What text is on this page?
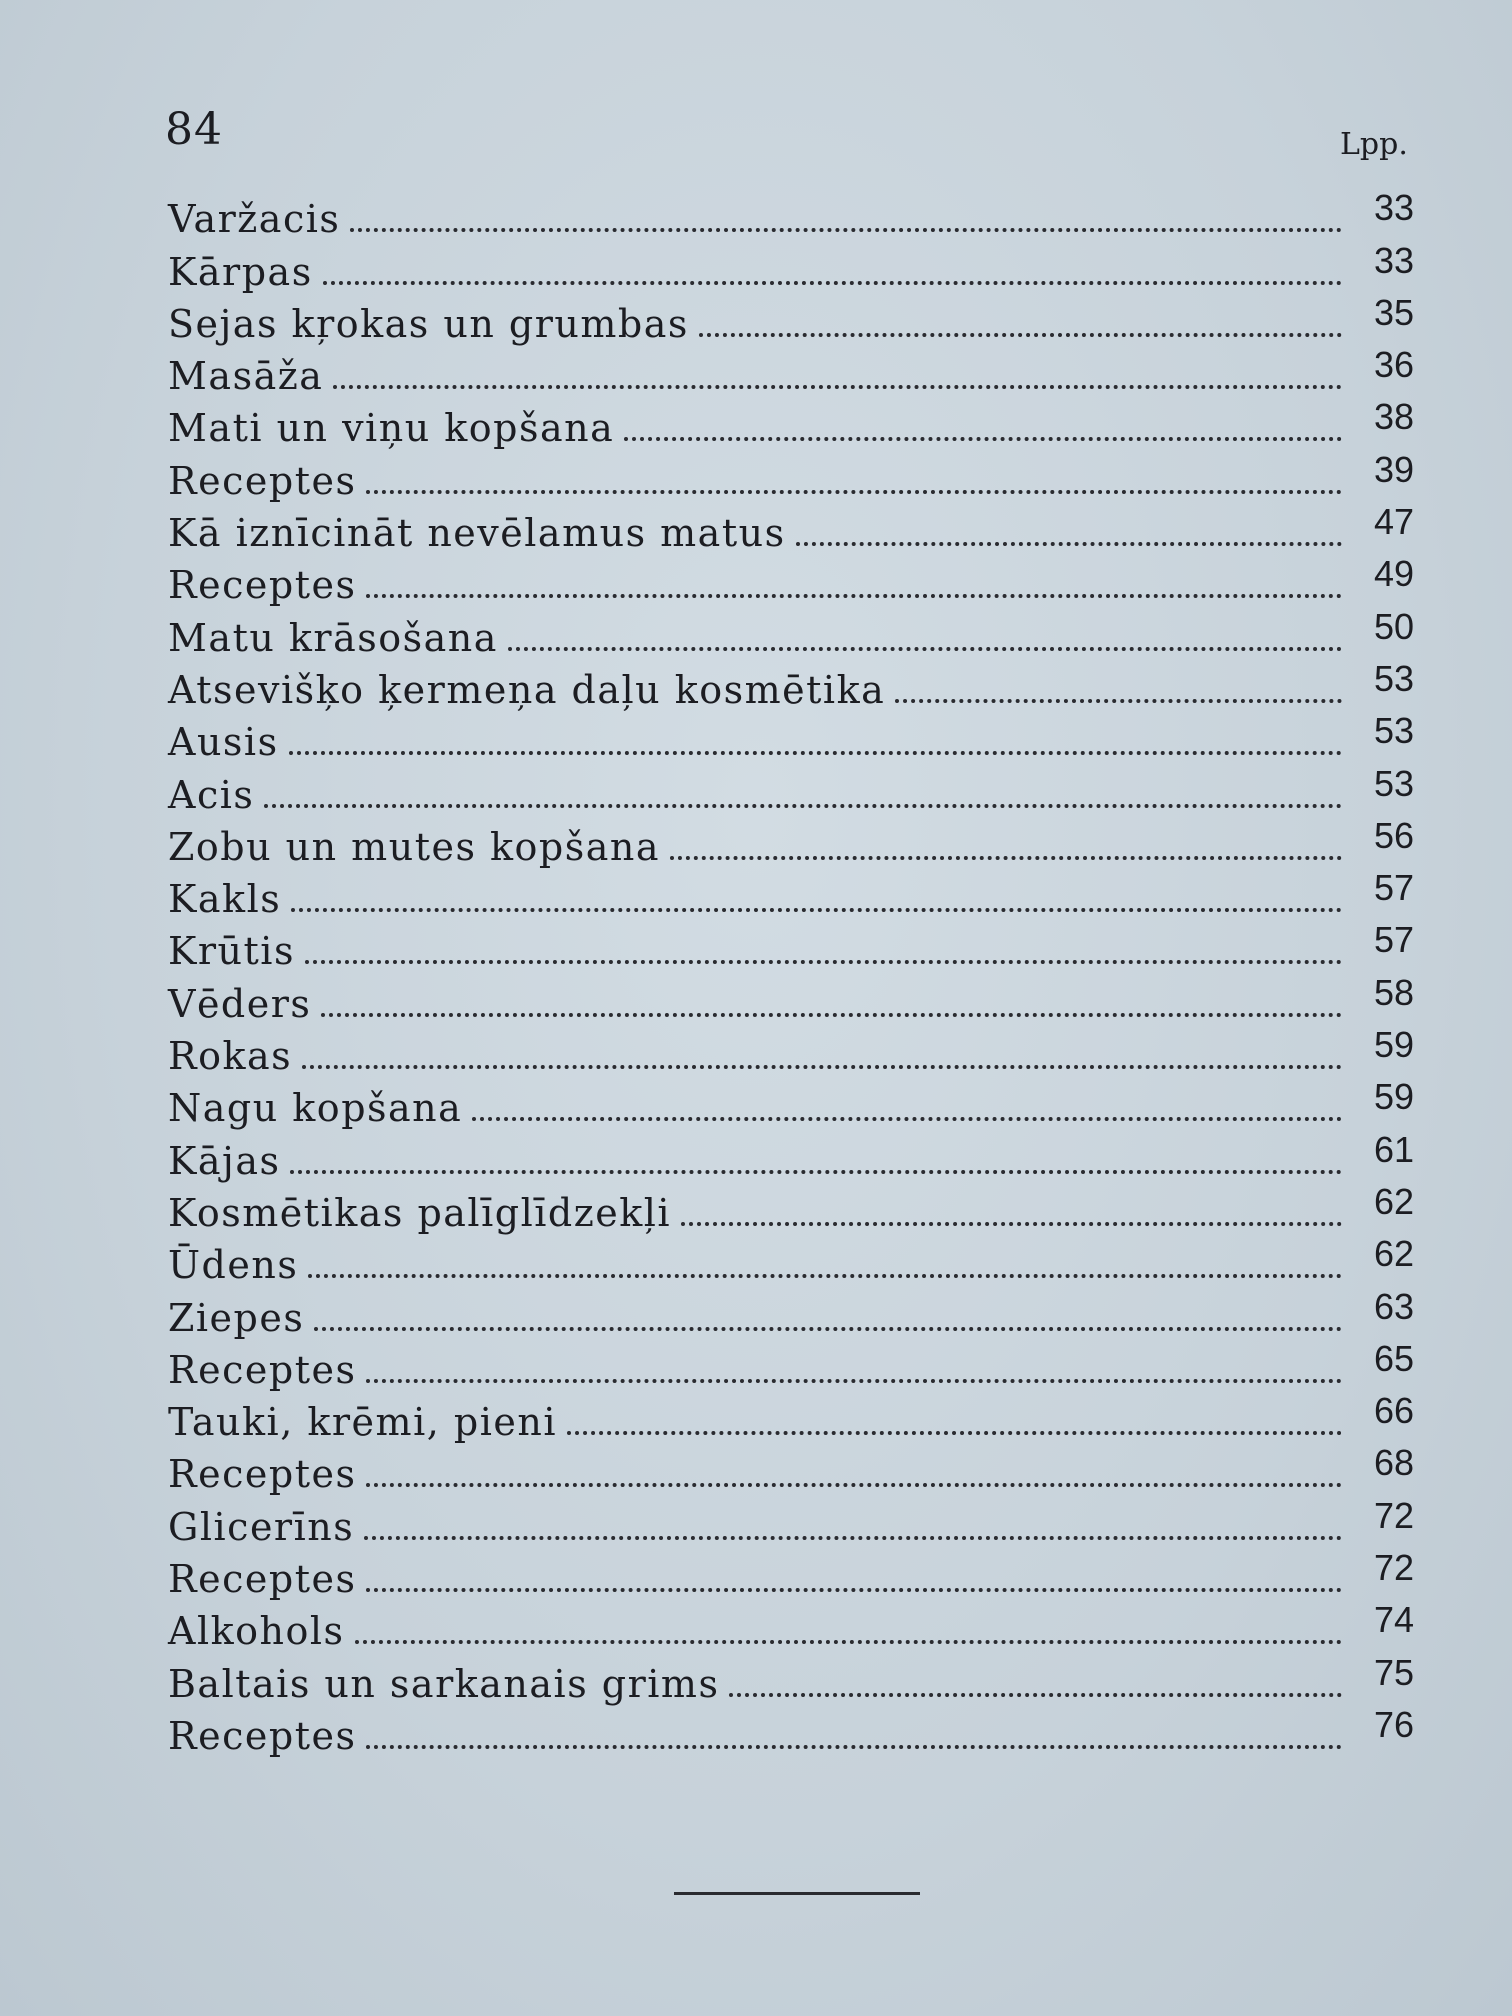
84	Lpp.
Varžacis	33
Kārpas	33
Sejas kŗokas un grumbas	35
Masāža	36
Mati un viņu kopšana	38
Receptes	39
Kā iznīcināt nevēlamus matus	47
Receptes	49
Matu krāsošana	50
Atsevišķo ķermeņa daļu kosmētika	53
Ausis	53
Acis	53
Zobu un mutes kopšana	56
Kakls	57
Krūtis	57
Vēders	58
Rokas	59
Nagu kopšana	59
Kājas	61
Kosmētikas palīglīdzekļi	62
Ūdens	62
Ziepes	63
Receptes	65
Tauki, krēmi, pieni	66
Receptes	68
Glicerīns	72
Receptes	72
Alkohols	74
Baltais un sarkanais grims	75
Receptes	76
